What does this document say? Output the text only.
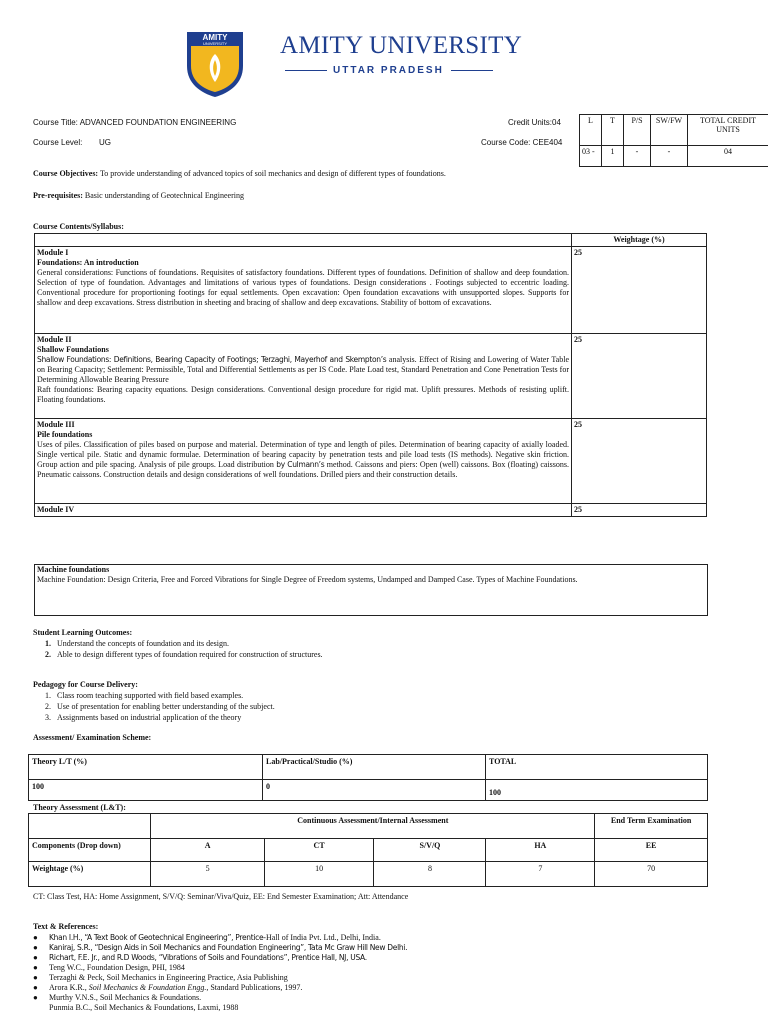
AMITY
UNIVERSITY	AMITY UNIVERSITY
UTTAR PRADESH
Course Title: ADVANCED FOUNDATION ENGINEERING	Credit Units:04
Course Level: UG	Course Code: CEE404
L	T	P/S	SW/FW	TOTAL CREDIT UNITS
03 -	1	-	-	04
Course Objectives: To provide understanding of advanced topics of soil mechanics and design of different types of foundations.
Pre-requisites: Basic understanding of Geotechnical Engineering
Course Contents/Syllabus:
	Weightage (%)

Module I
Foundations: An introduction
General considerations: Functions of foundations. Requisites of satisfactory foundations. Different types of foundations. Definition of shallow and deep foundation. Selection of type of foundation. Advantages and limitations of various types of foundations. Design considerations . Footings subjected to eccentric loading. Conventional procedure for proportioning footings for equal settlements. Open excavation: Open foundation excavations with unsupported slopes. Supports for shallow and deep excavations. Stress distribution in sheeting and bracing of shallow and deep excavations. Stability of bottom of excavations.	25

Module II
Shallow Foundations
Shallow Foundations: Definitions, Bearing Capacity of Footings; Terzaghi, Mayerhof and Skempton’s analysis. Effect of Rising and Lowering of Water Table on Bearing Capacity; Settlement: Permissible, Total and Differential Settlements as per IS Code. Plate Load test, Standard Penetration and Cone Penetration Tests for Determining Allowable Bearing Pressure
Raft foundations: Bearing capacity equations. Design considerations. Conventional design procedure for rigid mat. Uplift pressures. Methods of resisting uplift. Floating foundations.	25

Module III
Pile foundations
Uses of piles. Classification of piles based on purpose and material. Determination of type and length of piles. Determination of bearing capacity of axially loaded. Single vertical pile. Static and dynamic formulae. Determination of bearing capacity by penetration tests and pile load tests (IS methods). Negative skin friction. Group action and pile spacing. Analysis of pile groups. Load distribution by Culmann’s method. Caissons and piers: Open (well) caissons. Box (floating) caissons. Pneumatic caissons. Construction details and design considerations of well foundations. Drilled piers and their construction details.	25
Module IV	25
Machine foundations
Machine Foundation: Design Criteria, Free and Forced Vibrations for Single Degree of Freedom systems, Undamped and Damped Case. Types of Machine Foundations.
Student Learning Outcomes:
1. Understand the concepts of foundation and its design.
2. Able to design different types of foundation required for construction of structures.
Pedagogy for Course Delivery:
1. Class room teaching supported with field based examples.
2. Use of presentation for enabling better understanding of the subject.
3. Assignments based on industrial application of the theory
Assessment/ Examination Scheme:
Theory L/T (%)	Lab/Practical/Studio (%)	TOTAL
100	0	100
Theory Assessment (L&T):
	Continuous Assessment/Internal Assessment				End Term Examination
Components (Drop down)	A	CT	S/V/Q	HA	EE
Weightage (%)	5	10	8	7	70
CT: Class Test, HA: Home Assignment, S/V/Q: Seminar/Viva/Quiz, EE: End Semester Examination; Att: Attendance
Text & References:
●	Khan I.H., “A Text Book of Geotechnical Engineering”, Prentice-Hall of India Pvt. Ltd., Delhi, India.
●	Kaniraj, S.R., “Design Aids in Soil Mechanics and Foundation Engineering”, Tata Mc Graw Hill New Delhi.
●	Richart, F.E. Jr., and R.D Woods, “Vibrations of Soils and Foundations”, Prentice Hall, NJ, USA.
●	Teng W.C., Foundation Design, PHI, 1984
●	Terzaghi & Peck, Soil Mechanics in Engineering Practice, Asia Publishing
●	Arora K.R., Soil Mechanics & Foundation Engg., Standard Publications, 1997.
●	Murthy V.N.S., Soil Mechanics & Foundations.
Punmia B.C., Soil Mechanics & Foundations, Laxmi, 1988
